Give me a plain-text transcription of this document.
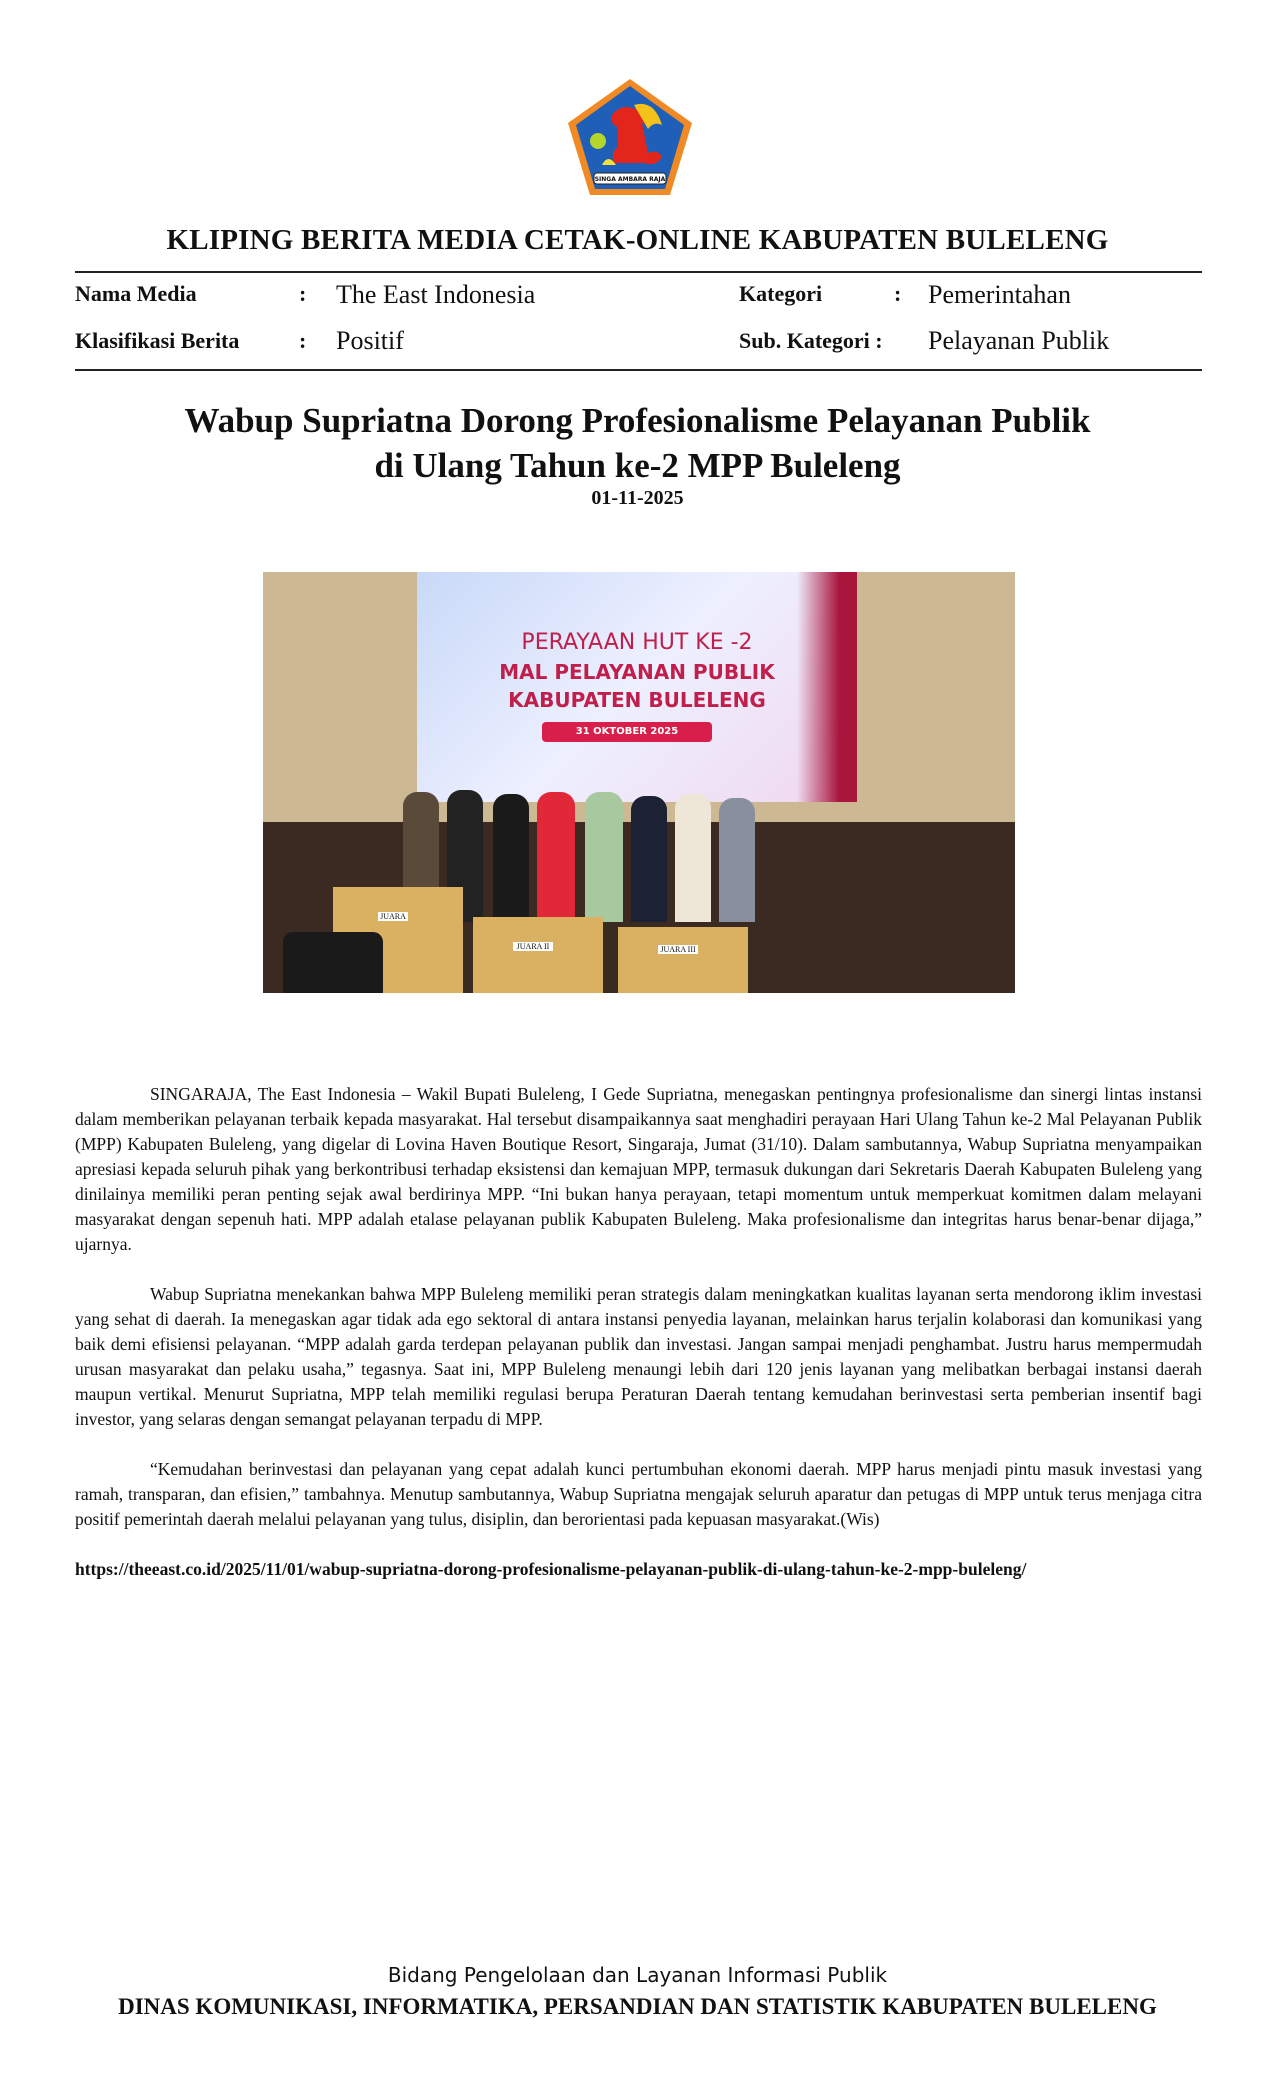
SINGA AMBARA RAJA
KLIPING BERITA MEDIA CETAK-ONLINE KABUPATEN BULELENG
Nama Media	: The East Indonesia	Kategori	: Pemerintahan
Klasifikasi Berita	: Positif	Sub. Kategori : Pelayanan Publik
Wabup Supriatna Dorong Profesionalisme Pelayanan Publik
di Ulang Tahun ke-2 MPP Buleleng
01-11-2025
PERAYAAN HUT KE -2
MAL PELAYANAN PUBLIK
KABUPATEN BULELENG
31 OKTOBER 2025
JUARA
JUARA II	JUARA III

SINGARAJA, The East Indonesia – Wakil Bupati Buleleng, I Gede Supriatna, menegaskan pentingnya profesionalisme dan sinergi lintas instansi dalam memberikan pelayanan terbaik kepada masyarakat. Hal tersebut disampaikannya saat menghadiri perayaan Hari Ulang Tahun ke-2 Mal Pelayanan Publik (MPP) Kabupaten Buleleng, yang digelar di Lovina Haven Boutique Resort, Singaraja, Jumat (31/10). Dalam sambutannya, Wabup Supriatna menyampaikan apresiasi kepada seluruh pihak yang berkontribusi terhadap eksistensi dan kemajuan MPP, termasuk dukungan dari Sekretaris Daerah Kabupaten Buleleng yang dinilainya memiliki peran penting sejak awal berdirinya MPP. “Ini bukan hanya perayaan, tetapi momentum untuk memperkuat komitmen dalam melayani masyarakat dengan sepenuh hati. MPP adalah etalase pelayanan publik Kabupaten Buleleng. Maka profesionalisme dan integritas harus benar-benar dijaga,” ujarnya.

Wabup Supriatna menekankan bahwa MPP Buleleng memiliki peran strategis dalam meningkatkan kualitas layanan serta mendorong iklim investasi yang sehat di daerah. Ia menegaskan agar tidak ada ego sektoral di antara instansi penyedia layanan, melainkan harus terjalin kolaborasi dan komunikasi yang baik demi efisiensi pelayanan. “MPP adalah garda terdepan pelayanan publik dan investasi. Jangan sampai menjadi penghambat. Justru harus mempermudah urusan masyarakat dan pelaku usaha,” tegasnya. Saat ini, MPP Buleleng menaungi lebih dari 120 jenis layanan yang melibatkan berbagai instansi daerah maupun vertikal. Menurut Supriatna, MPP telah memiliki regulasi berupa Peraturan Daerah tentang kemudahan berinvestasi serta pemberian insentif bagi investor, yang selaras dengan semangat pelayanan terpadu di MPP.

“Kemudahan berinvestasi dan pelayanan yang cepat adalah kunci pertumbuhan ekonomi daerah. MPP harus menjadi pintu masuk investasi yang ramah, transparan, dan efisien,” tambahnya. Menutup sambutannya, Wabup Supriatna mengajak seluruh aparatur dan petugas di MPP untuk terus menjaga citra positif pemerintah daerah melalui pelayanan yang tulus, disiplin, dan berorientasi pada kepuasan masyarakat.(Wis)

https://theeast.co.id/2025/11/01/wabup-supriatna-dorong-profesionalisme-pelayanan-publik-di-ulang-tahun-ke-2-mpp-buleleng/

Bidang Pengelolaan dan Layanan Informasi Publik
DINAS KOMUNIKASI, INFORMATIKA, PERSANDIAN DAN STATISTIK KABUPATEN BULELENG
